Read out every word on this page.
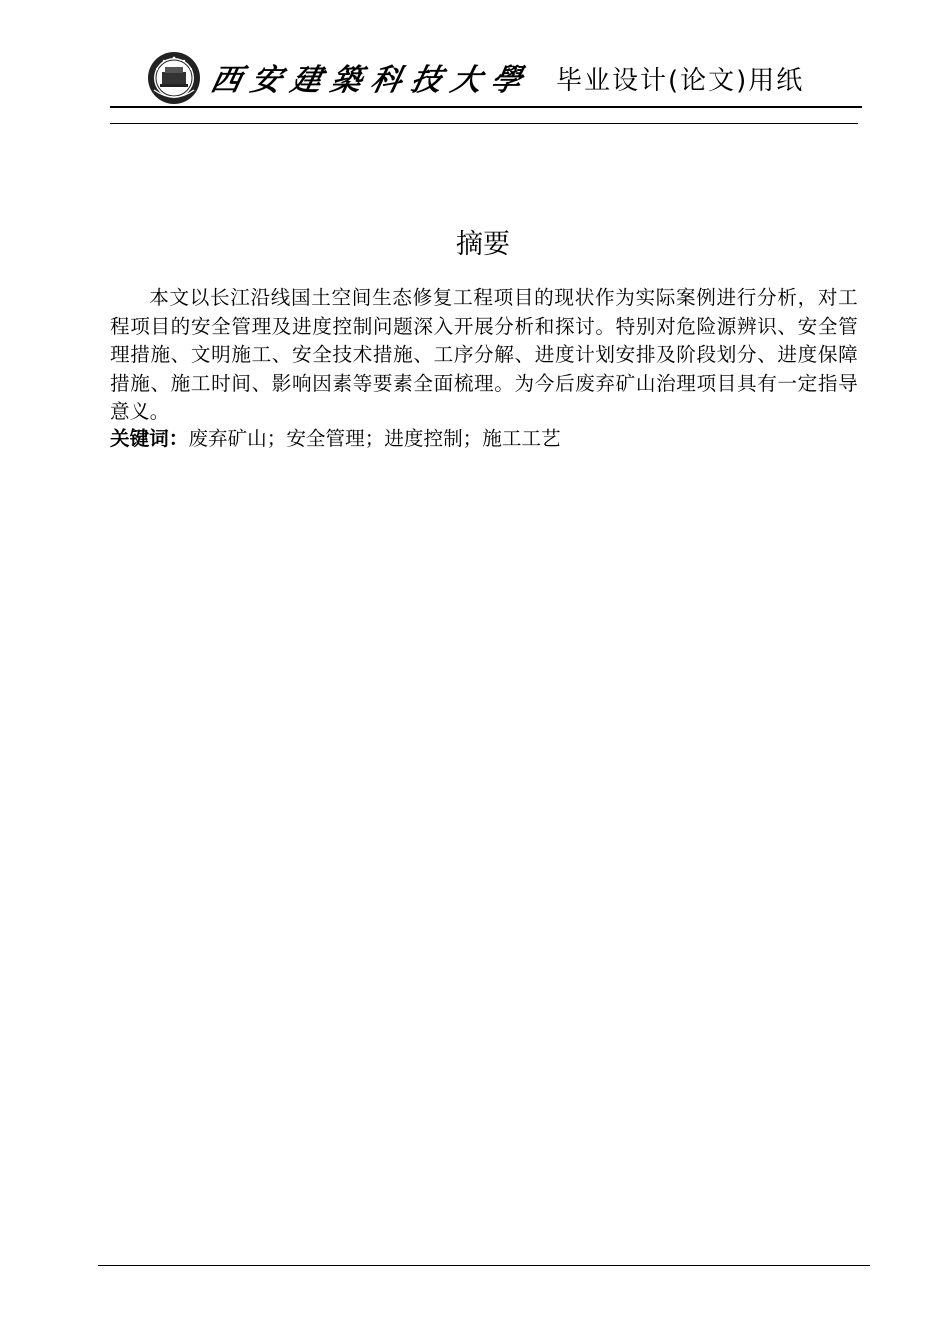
西 安 建 築 科 技 大 學 毕业设计(论文)用纸
摘要

本文以长江沿线国土空间生态修复工程项目的现状作为实际案例进行分析，对工程项目的安全管理及进度控制问题深入开展分析和探讨。特别对危险源辨识、安全管理措施、文明施工、安全技术措施、工序分解、进度计划安排及阶段划分、进度保障措施、施工时间、影响因素等要素全面梳理。为今后废弃矿山治理项目具有一定指导意义。

关键词：废弃矿山；安全管理；进度控制；施工工艺
